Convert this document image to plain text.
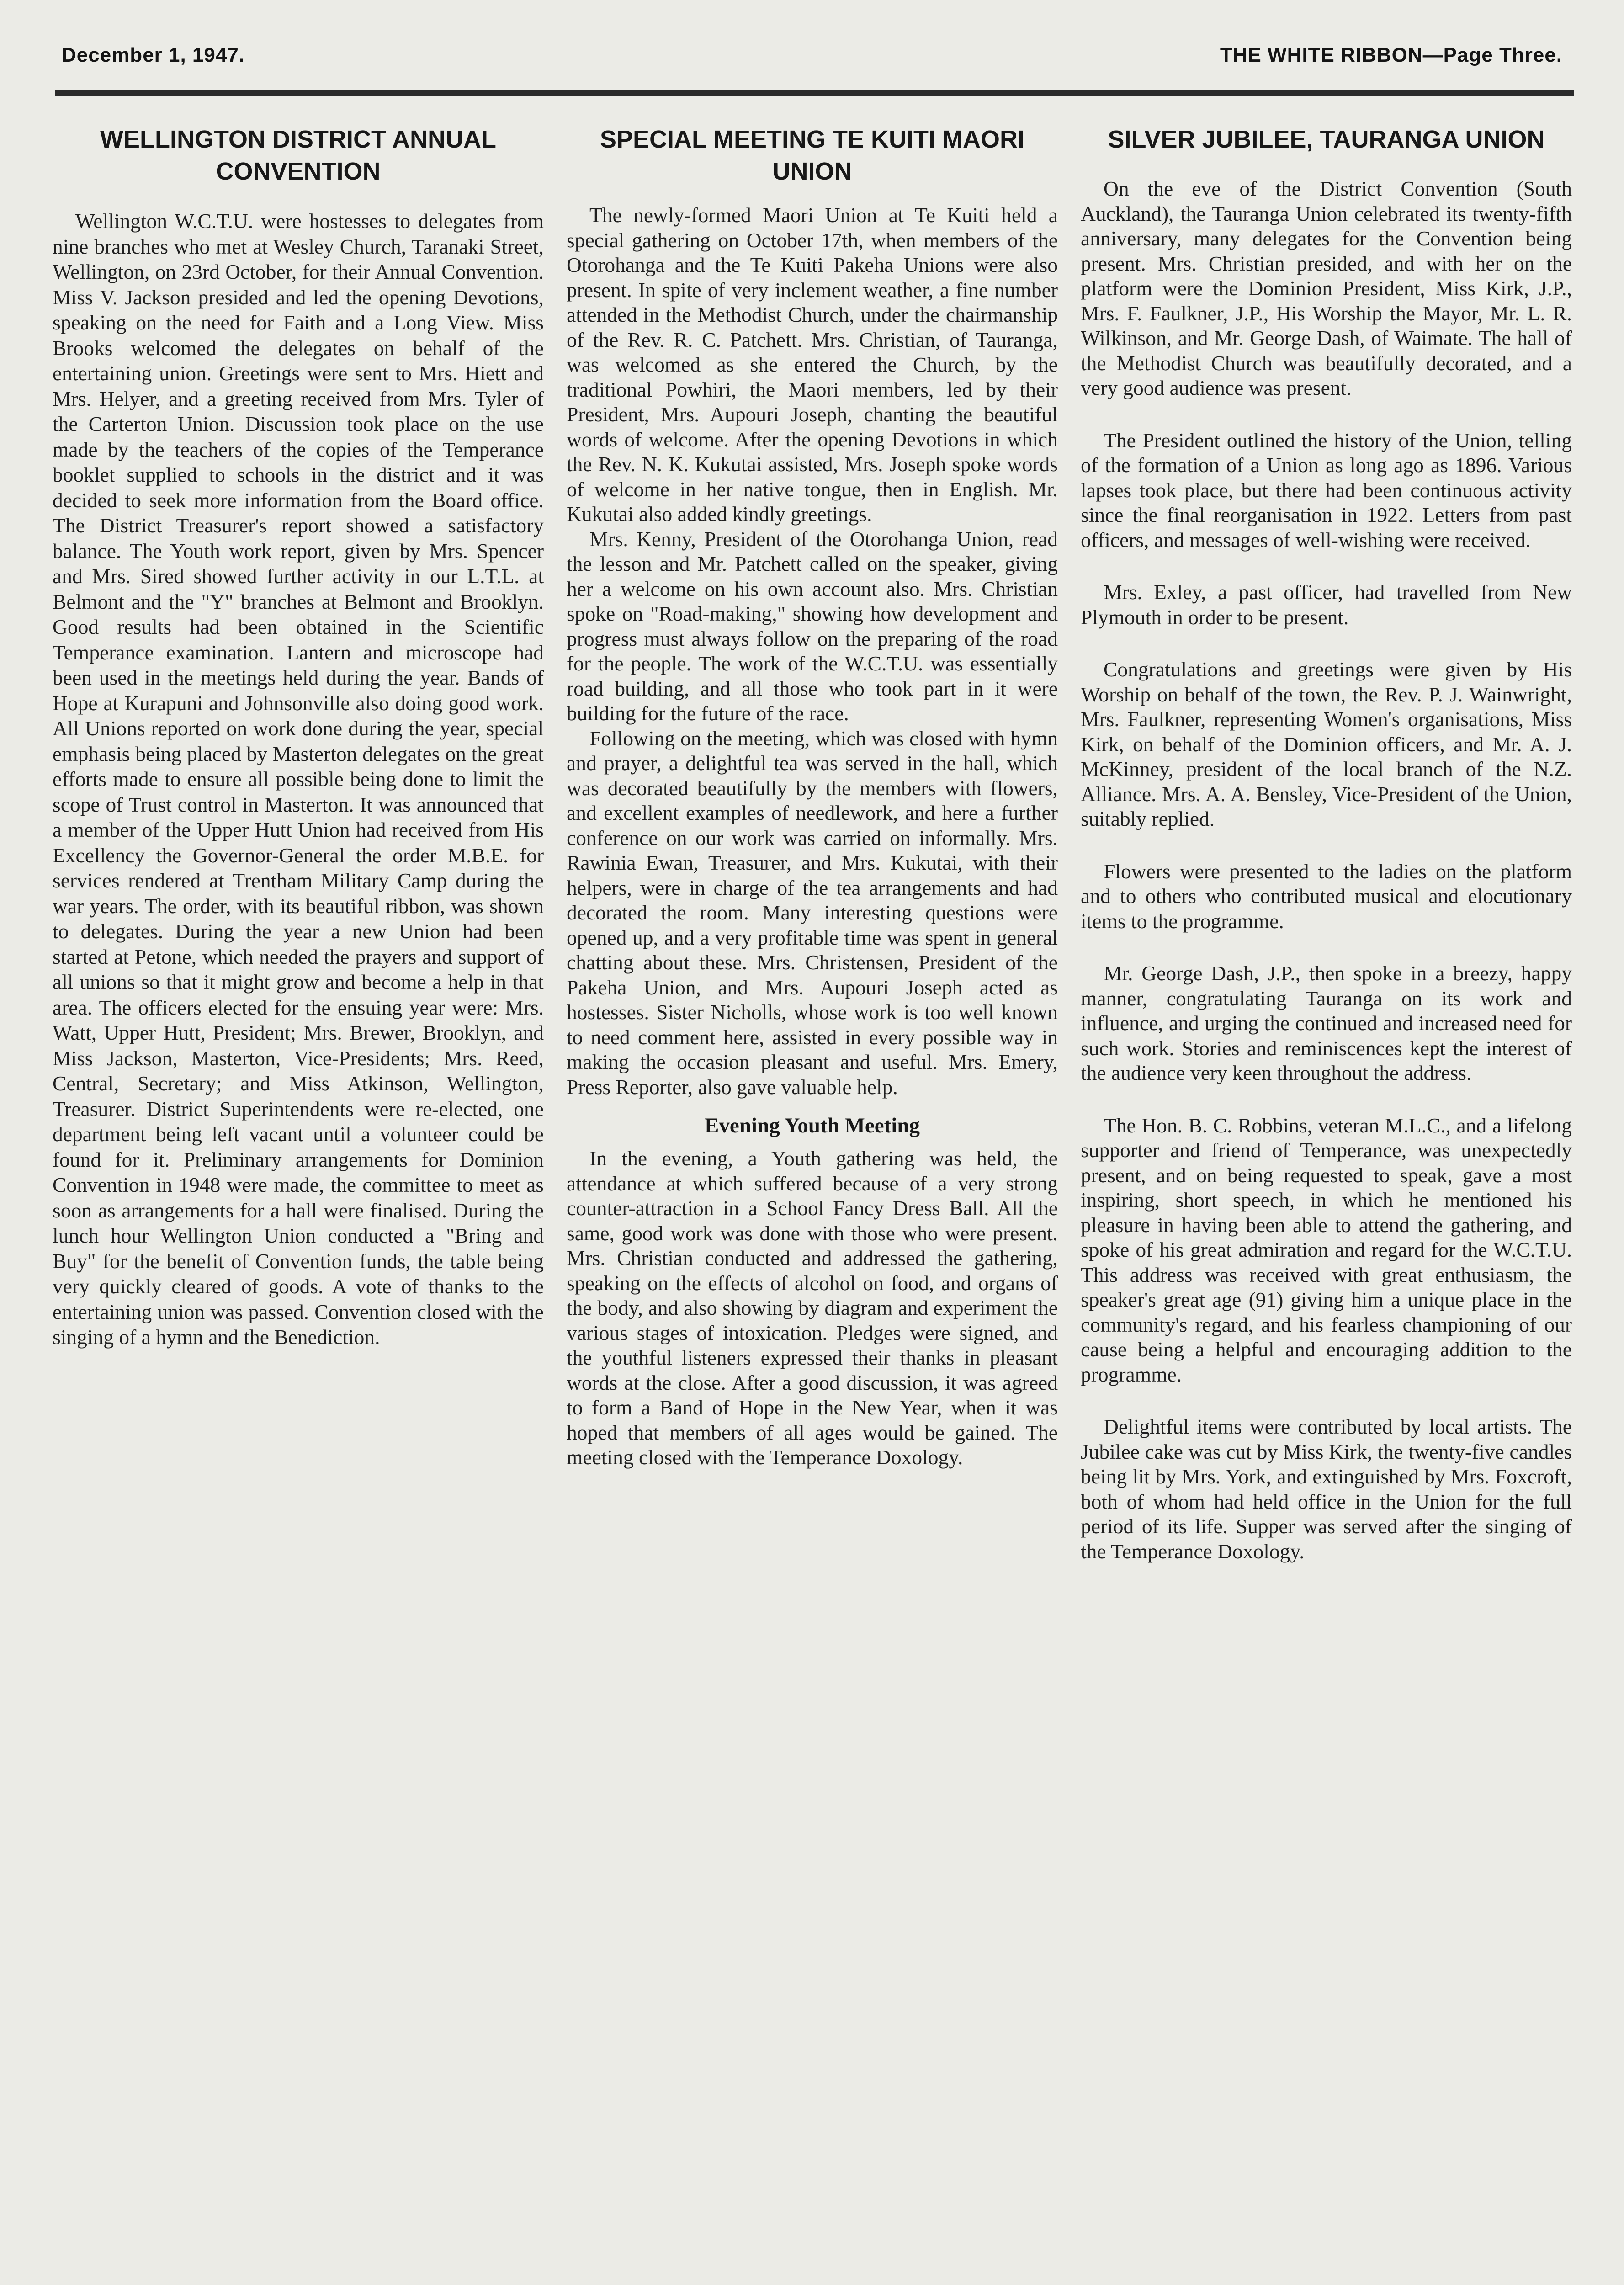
December 1, 1947.	THE WHITE RIBBON—Page Three.
WELLINGTON DISTRICT ANNUAL CONVENTION

Wellington W.C.T.U. were hostesses to delegates from nine branches who met at Wesley Church, Taranaki Street, Wellington, on 23rd October, for their Annual Convention. Miss V. Jackson presided and led the opening Devotions, speaking on the need for Faith and a Long View. Miss Brooks welcomed the delegates on behalf of the entertaining union. Greetings were sent to Mrs. Hiett and Mrs. Helyer, and a greeting received from Mrs. Tyler of the Carterton Union. Discussion took place on the use made by the teachers of the copies of the Temperance booklet supplied to schools in the district and it was decided to seek more information from the Board office. The District Treasurer's report showed a satisfactory balance. The Youth work report, given by Mrs. Spencer and Mrs. Sired showed further activity in our L.T.L. at Belmont and the "Y" branches at Belmont and Brooklyn. Good results had been obtained in the Scientific Temperance examination. Lantern and microscope had been used in the meetings held during the year. Bands of Hope at Kurapuni and Johnsonville also doing good work. All Unions reported on work done during the year, special emphasis being placed by Masterton delegates on the great efforts made to ensure all possible being done to limit the scope of Trust control in Masterton. It was announced that a member of the Upper Hutt Union had received from His Excellency the Governor-General the order M.B.E. for services rendered at Trentham Military Camp during the war years. The order, with its beautiful ribbon, was shown to delegates. During the year a new Union had been started at Petone, which needed the prayers and support of all unions so that it might grow and become a help in that area. The officers elected for the ensuing year were: Mrs. Watt, Upper Hutt, President; Mrs. Brewer, Brooklyn, and Miss Jackson, Masterton, Vice-Presidents; Mrs. Reed, Central, Secretary; and Miss Atkinson, Wellington, Treasurer. District Superintendents were re-elected, one department being left vacant until a volunteer could be found for it. Preliminary arrangements for Dominion Convention in 1948 were made, the committee to meet as soon as arrangements for a hall were finalised. During the lunch hour Wellington Union conducted a "Bring and Buy" for the benefit of Convention funds, the table being very quickly cleared of goods. A vote of thanks to the entertaining union was passed. Convention closed with the singing of a hymn and the Benediction.

SPECIAL MEETING TE KUITI MAORI UNION

The newly-formed Maori Union at Te Kuiti held a special gathering on October 17th, when members of the Otorohanga and the Te Kuiti Pakeha Unions were also present. In spite of very inclement weather, a fine number attended in the Methodist Church, under the chairmanship of the Rev. R. C. Patchett. Mrs. Christian, of Tauranga, was welcomed as she entered the Church, by the traditional Powhiri, the Maori members, led by their President, Mrs. Aupouri Joseph, chanting the beautiful words of welcome. After the opening Devotions in which the Rev. N. K. Kukutai assisted, Mrs. Joseph spoke words of welcome in her native tongue, then in English. Mr. Kukutai also added kindly greetings.

Mrs. Kenny, President of the Otorohanga Union, read the lesson and Mr. Patchett called on the speaker, giving her a welcome on his own account also. Mrs. Christian spoke on "Road-making," showing how development and progress must always follow on the preparing of the road for the people. The work of the W.C.T.U. was essentially road building, and all those who took part in it were building for the future of the race.

Following on the meeting, which was closed with hymn and prayer, a delightful tea was served in the hall, which was decorated beautifully by the members with flowers, and excellent examples of needlework, and here a further conference on our work was carried on informally. Mrs. Rawinia Ewan, Treasurer, and Mrs. Kukutai, with their helpers, were in charge of the tea arrangements and had decorated the room. Many interesting questions were opened up, and a very profitable time was spent in general chatting about these. Mrs. Christensen, President of the Pakeha Union, and Mrs. Aupouri Joseph acted as hostesses. Sister Nicholls, whose work is too well known to need comment here, assisted in every possible way in making the occasion pleasant and useful. Mrs. Emery, Press Reporter, also gave valuable help.

Evening Youth Meeting

In the evening, a Youth gathering was held, the attendance at which suffered because of a very strong counter-attraction in a School Fancy Dress Ball. All the same, good work was done with those who were present. Mrs. Christian conducted and addressed the gathering, speaking on the effects of alcohol on food, and organs of the body, and also showing by diagram and experiment the various stages of intoxication. Pledges were signed, and the youthful listeners expressed their thanks in pleasant words at the close. After a good discussion, it was agreed to form a Band of Hope in the New Year, when it was hoped that members of all ages would be gained. The meeting closed with the Temperance Doxology.

SILVER JUBILEE, TAURANGA UNION

On the eve of the District Convention (South Auckland), the Tauranga Union celebrated its twenty-fifth anniversary, many delegates for the Convention being present. Mrs. Christian presided, and with her on the platform were the Dominion President, Miss Kirk, J.P., Mrs. F. Faulkner, J.P., His Worship the Mayor, Mr. L. R. Wilkinson, and Mr. George Dash, of Waimate. The hall of the Methodist Church was beautifully decorated, and a very good audience was present.

The President outlined the history of the Union, telling of the formation of a Union as long ago as 1896. Various lapses took place, but there had been continuous activity since the final reorganisation in 1922. Letters from past officers, and messages of well-wishing were received.

Mrs. Exley, a past officer, had travelled from New Plymouth in order to be present.

Congratulations and greetings were given by His Worship on behalf of the town, the Rev. P. J. Wainwright, Mrs. Faulkner, representing Women's organisations, Miss Kirk, on behalf of the Dominion officers, and Mr. A. J. McKinney, president of the local branch of the N.Z. Alliance. Mrs. A. A. Bensley, Vice-President of the Union, suitably replied.

Flowers were presented to the ladies on the platform and to others who contributed musical and elocutionary items to the programme.

Mr. George Dash, J.P., then spoke in a breezy, happy manner, congratulating Tauranga on its work and influence, and urging the continued and increased need for such work. Stories and reminiscences kept the interest of the audience very keen throughout the address.

The Hon. B. C. Robbins, veteran M.L.C., and a lifelong supporter and friend of Temperance, was unexpectedly present, and on being requested to speak, gave a most inspiring, short speech, in which he mentioned his pleasure in having been able to attend the gathering, and spoke of his great admiration and regard for the W.C.T.U. This address was received with great enthusiasm, the speaker's great age (91) giving him a unique place in the community's regard, and his fearless championing of our cause being a helpful and encouraging addition to the programme.

Delightful items were contributed by local artists. The Jubilee cake was cut by Miss Kirk, the twenty-five candles being lit by Mrs. York, and extinguished by Mrs. Foxcroft, both of whom had held office in the Union for the full period of its life. Supper was served after the singing of the Temperance Doxology.
